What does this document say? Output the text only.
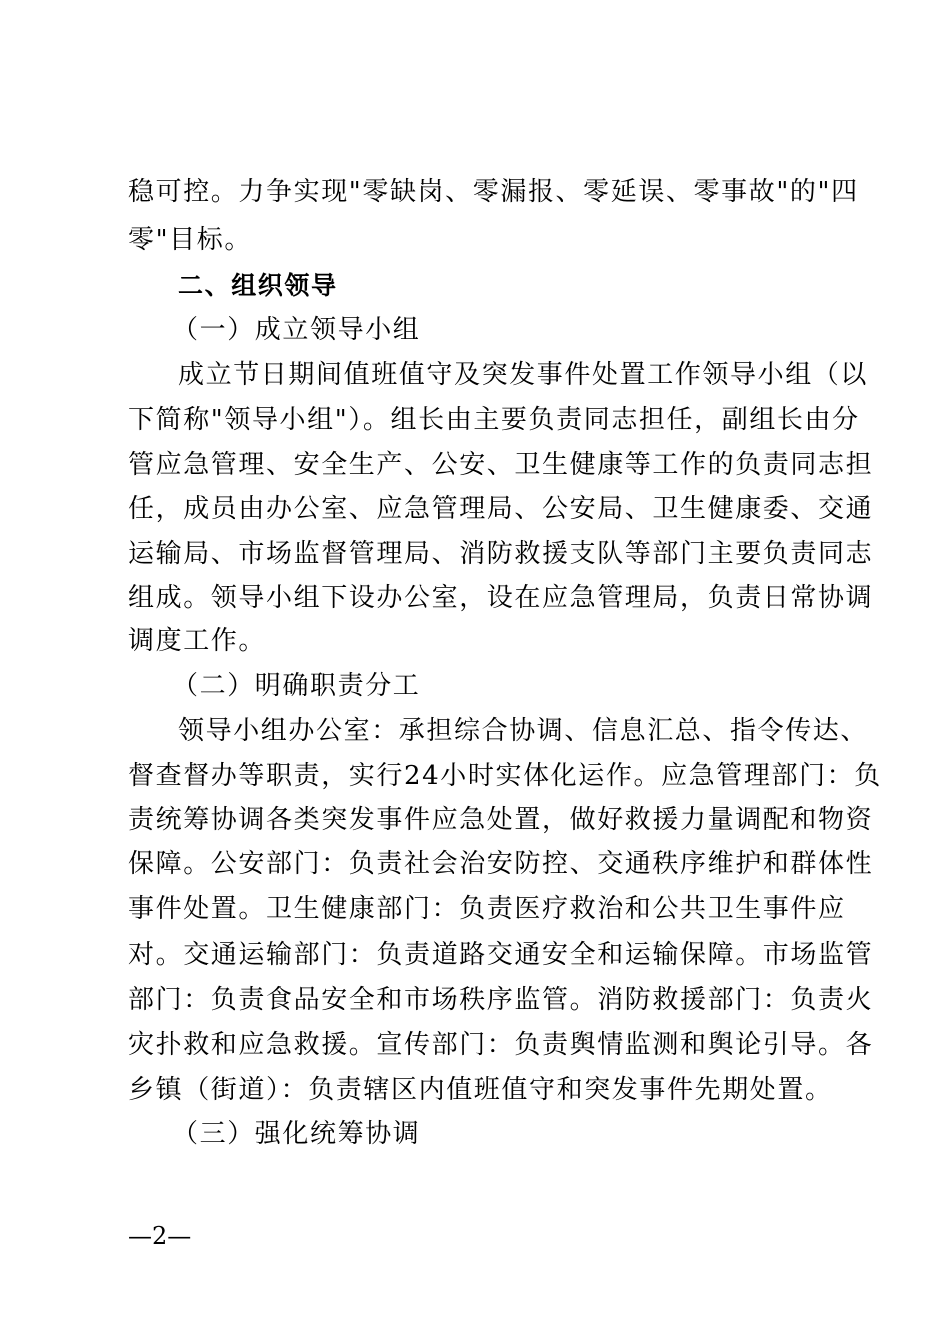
稳可控。力争实现"零缺岗、零漏报、零延误、零事故"的"四
零"目标。
二、组织领导
（一）成立领导小组
成立节日期间值班值守及突发事件处置工作领导小组（以
下简称"领导小组"）。组长由主要负责同志担任，副组长由分
管应急管理、安全生产、公安、卫生健康等工作的负责同志担
任，成员由办公室、应急管理局、公安局、卫生健康委、交通
运输局、市场监督管理局、消防救援支队等部门主要负责同志
组成。领导小组下设办公室，设在应急管理局，负责日常协调
调度工作。
（二）明确职责分工
领导小组办公室：承担综合协调、信息汇总、指令传达、
督查督办等职责，实行24小时实体化运作。应急管理部门：负
责统筹协调各类突发事件应急处置，做好救援力量调配和物资
保障。公安部门：负责社会治安防控、交通秩序维护和群体性
事件处置。卫生健康部门：负责医疗救治和公共卫生事件应
对。交通运输部门：负责道路交通安全和运输保障。市场监管
部门：负责食品安全和市场秩序监管。消防救援部门：负责火
灾扑救和应急救援。宣传部门：负责舆情监测和舆论引导。各
乡镇（街道）：负责辖区内值班值守和突发事件先期处置。
（三）强化统筹协调
—2—
